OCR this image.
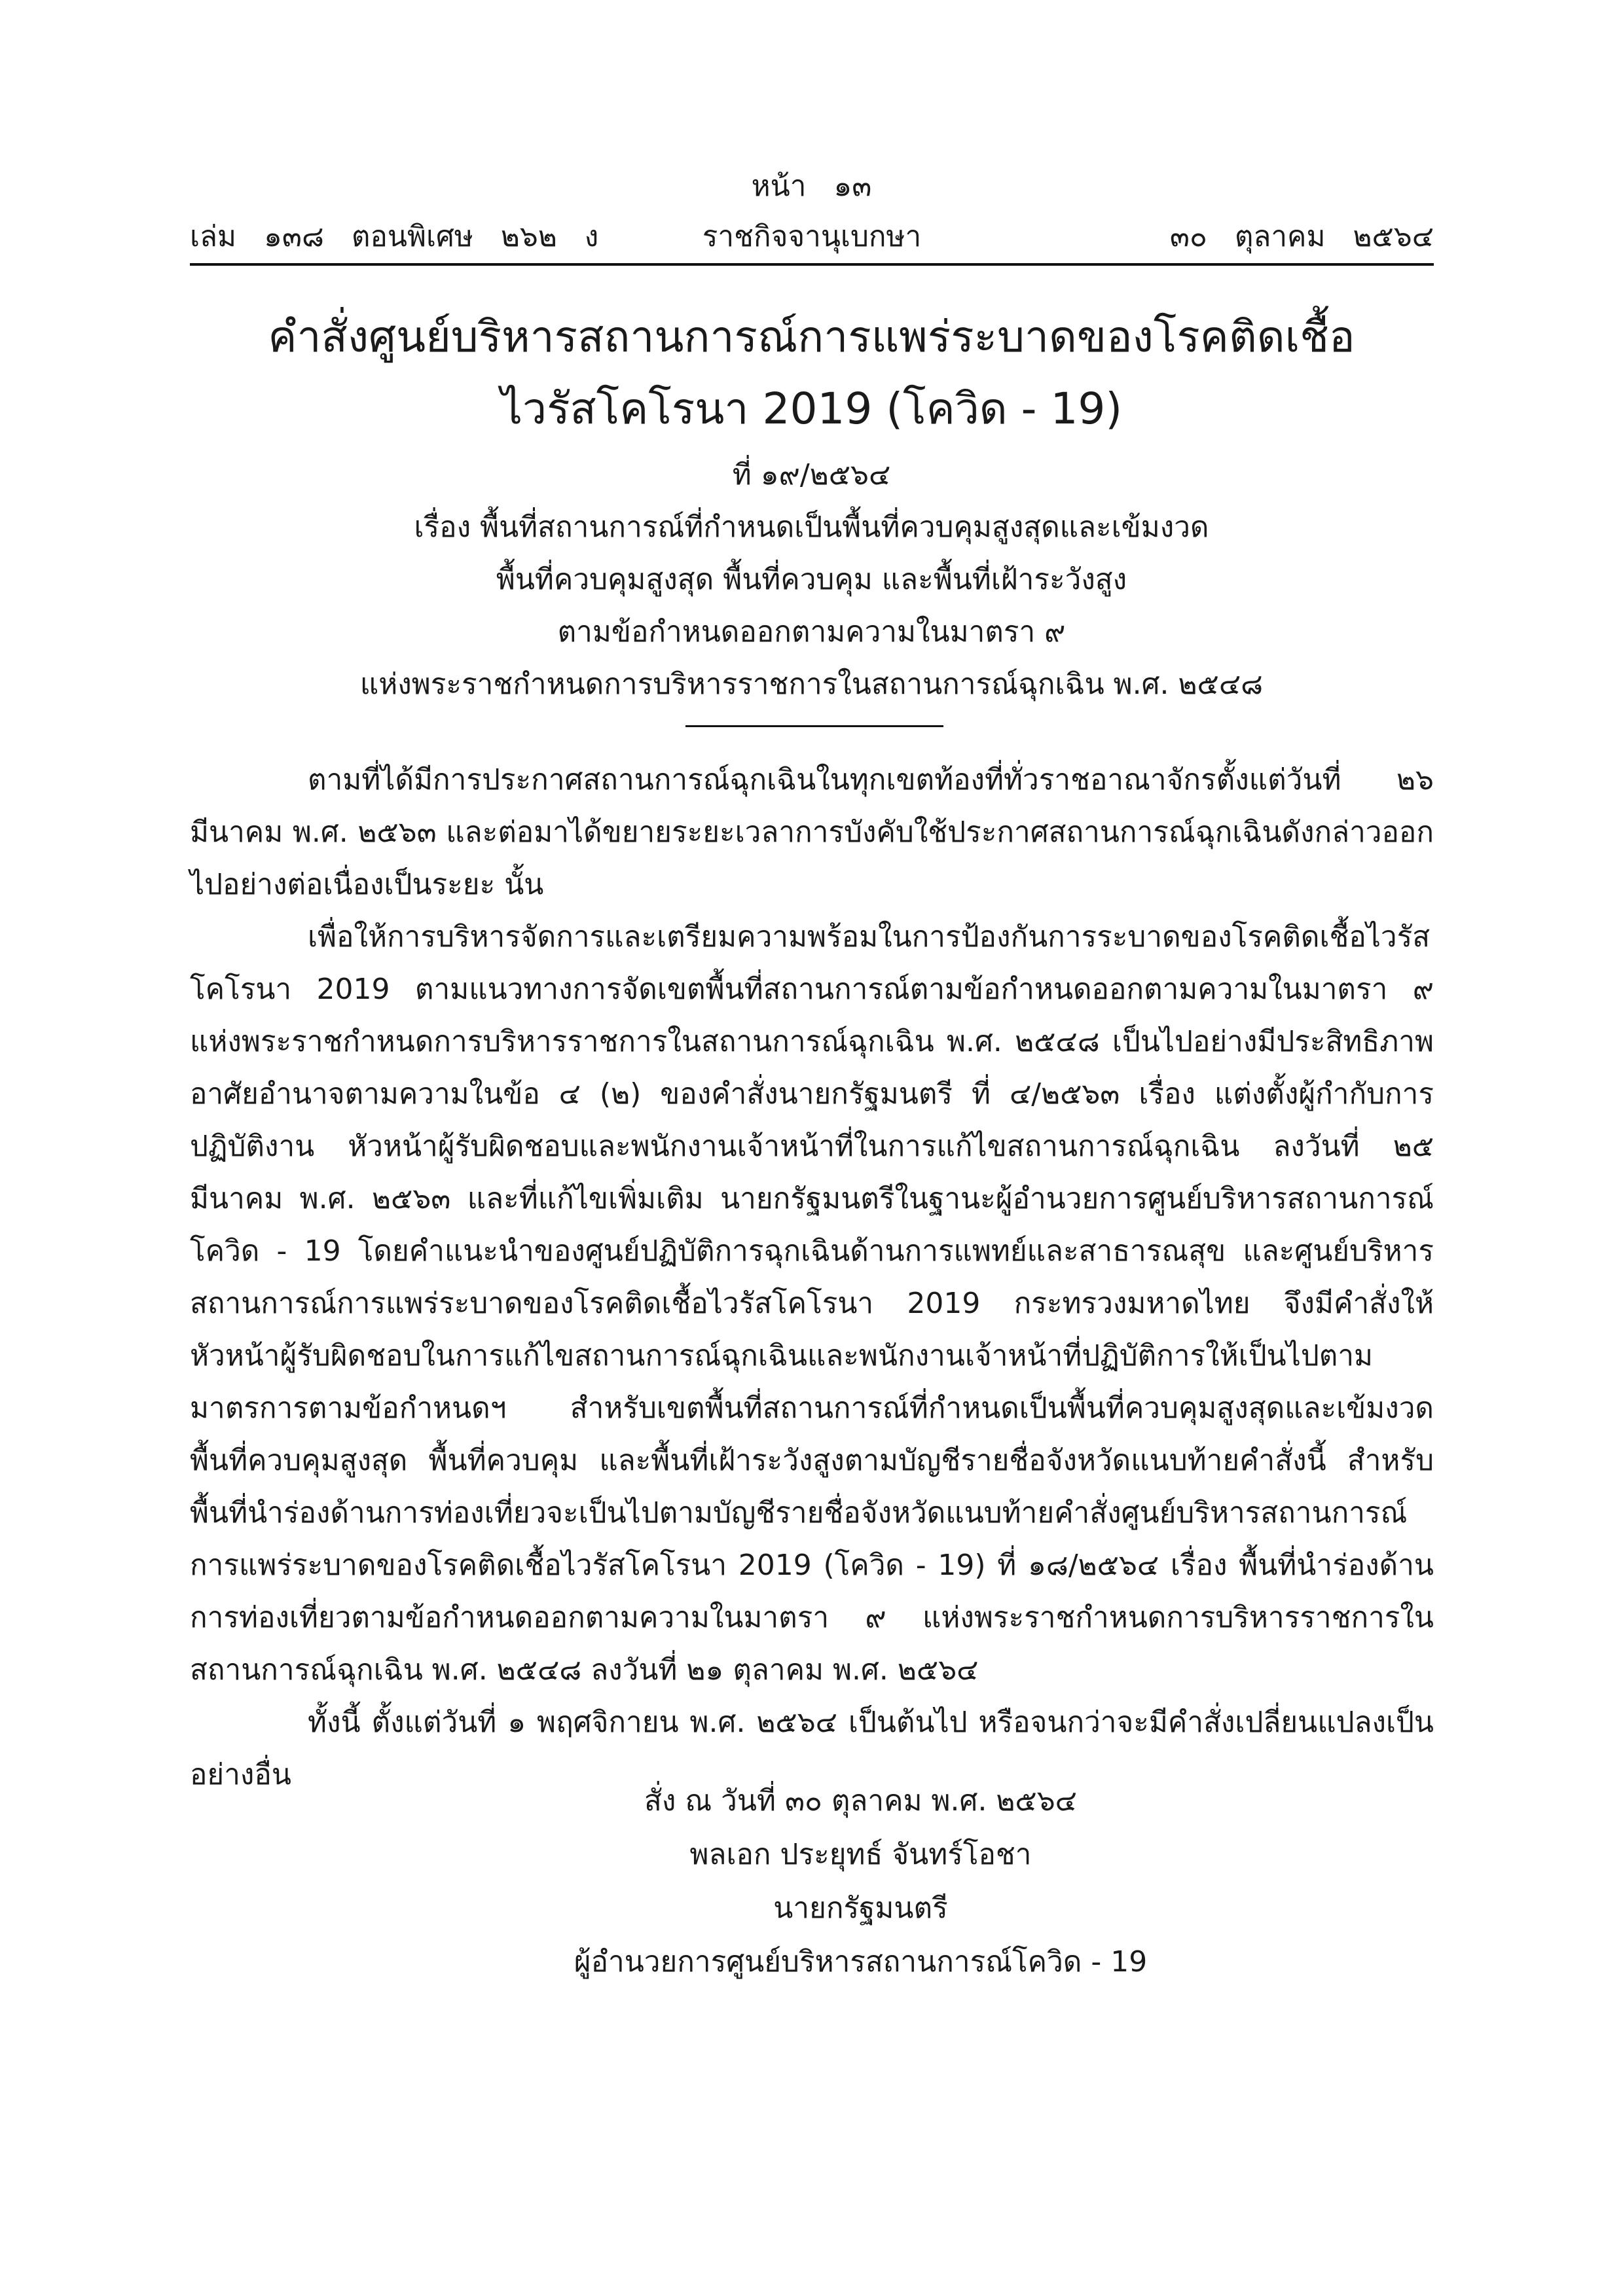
หน้า   ๑๓
เล่ม   ๑๓๘   ตอนพิเศษ   ๒๖๒   ง	ราชกิจจานุเบกษา	๓๐   ตุลาคม   ๒๕๖๔
คำสั่งศูนย์บริหารสถานการณ์การแพร่ระบาดของโรคติดเชื้อ
ไวรัสโคโรนา 2019 (โควิด - 19)
ที่ ๑๙/๒๕๖๔
เรื่อง พื้นที่สถานการณ์ที่กำหนดเป็นพื้นที่ควบคุมสูงสุดและเข้มงวด
พื้นที่ควบคุมสูงสุด พื้นที่ควบคุม และพื้นที่เฝ้าระวังสูง
ตามข้อกำหนดออกตามความในมาตรา ๙
แห่งพระราชกำหนดการบริหารราชการในสถานการณ์ฉุกเฉิน พ.ศ. ๒๕๔๘

ตามที่ได้มีการประกาศสถานการณ์ฉุกเฉินในทุกเขตท้องที่ทั่วราชอาณาจักรตั้งแต่วันที่ ๒๖ มีนาคม พ.ศ. ๒๕๖๓ และต่อมาได้ขยายระยะเวลาการบังคับใช้ประกาศสถานการณ์ฉุกเฉินดังกล่าวออกไปอย่างต่อเนื่องเป็นระยะ นั้น

เพื่อให้การบริหารจัดการและเตรียมความพร้อมในการป้องกันการระบาดของโรคติดเชื้อไวรัสโคโรนา 2019 ตามแนวทางการจัดเขตพื้นที่สถานการณ์ตามข้อกำหนดออกตามความในมาตรา ๙ แห่งพระราชกำหนดการบริหารราชการในสถานการณ์ฉุกเฉิน พ.ศ. ๒๕๔๘ เป็นไปอย่างมีประสิทธิภาพ อาศัยอำนาจตามความในข้อ ๔ (๒) ของคำสั่งนายกรัฐมนตรี ที่ ๔/๒๕๖๓ เรื่อง แต่งตั้งผู้กำกับการปฏิบัติงาน หัวหน้าผู้รับผิดชอบและพนักงานเจ้าหน้าที่ในการแก้ไขสถานการณ์ฉุกเฉิน ลงวันที่ ๒๕ มีนาคม พ.ศ. ๒๕๖๓ และที่แก้ไขเพิ่มเติม นายกรัฐมนตรีในฐานะผู้อำนวยการศูนย์บริหารสถานการณ์โควิด - 19 โดยคำแนะนำของศูนย์ปฏิบัติการฉุกเฉินด้านการแพทย์และสาธารณสุข และศูนย์บริหารสถานการณ์การแพร่ระบาดของโรคติดเชื้อไวรัสโคโรนา 2019 กระทรวงมหาดไทย จึงมีคำสั่งให้หัวหน้าผู้รับผิดชอบในการแก้ไขสถานการณ์ฉุกเฉินและพนักงานเจ้าหน้าที่ปฏิบัติการให้เป็นไปตามมาตรการตามข้อกำหนดฯ สำหรับเขตพื้นที่สถานการณ์ที่กำหนดเป็นพื้นที่ควบคุมสูงสุดและเข้มงวด พื้นที่ควบคุมสูงสุด พื้นที่ควบคุม และพื้นที่เฝ้าระวังสูงตามบัญชีรายชื่อจังหวัดแนบท้ายคำสั่งนี้ สำหรับพื้นที่นำร่องด้านการท่องเที่ยวจะเป็นไปตามบัญชีรายชื่อจังหวัดแนบท้ายคำสั่งศูนย์บริหารสถานการณ์การแพร่ระบาดของโรคติดเชื้อไวรัสโคโรนา 2019 (โควิด - 19) ที่ ๑๘/๒๕๖๔ เรื่อง พื้นที่นำร่องด้านการท่องเที่ยวตามข้อกำหนดออกตามความในมาตรา ๙ แห่งพระราชกำหนดการบริหารราชการในสถานการณ์ฉุกเฉิน พ.ศ. ๒๕๔๘ ลงวันที่ ๒๑ ตุลาคม พ.ศ. ๒๕๖๔

ทั้งนี้ ตั้งแต่วันที่ ๑ พฤศจิกายน พ.ศ. ๒๕๖๔ เป็นต้นไป หรือจนกว่าจะมีคำสั่งเปลี่ยนแปลงเป็นอย่างอื่น

สั่ง ณ วันที่ ๓๐ ตุลาคม พ.ศ. ๒๕๖๔
พลเอก ประยุทธ์ จันทร์โอชา
นายกรัฐมนตรี
ผู้อำนวยการศูนย์บริหารสถานการณ์โควิด - 19
